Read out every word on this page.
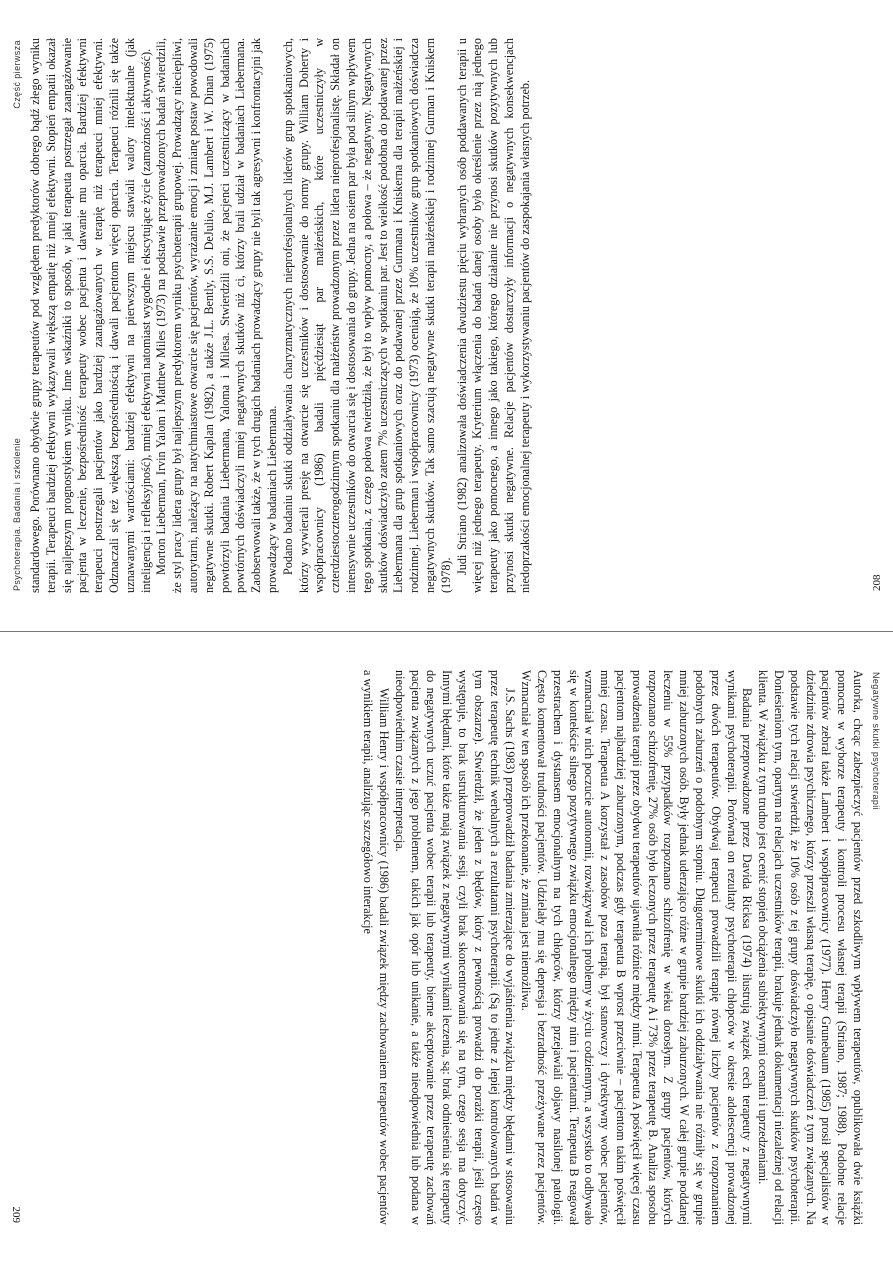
Psychoterapia. Badania i szkolenie
Część pierwsza standardowego. Porównano obydwie grupy terapeutów pod względem predyktorów dobrego bądź złego wyniku terapii. Terapeuci bardziej efektywni wykazywali większą empatię niż mniej efektywni. Stopień empatii okazał się najlepszym prognostykiem wyniku. Inne wskaźniki to sposób, w jaki terapeuta postrzegał zaangażowanie pacjenta w leczenie, bezpośredniość terapeuty wobec pacjenta i dawanie mu oparcia. Bardziej efektywni terapeuci postrzegali pacjentów jako bardziej zaangażowanych w terapię niż terapeuci mniej efektywni. Odznaczali się też większą bezpośredniością i dawali pacjentom więcej oparcia. Terapeuci różnili się także uznawanymi wartościami: bardziej efektywni na pierwszym miejscu stawiali walory intelektualne (jak inteligencja i refleksyjność), mniej efektywni natomiast wygodne i ekscytujące życie (zamożność i aktywność). Morton Lieberman, Irvin Yalom i Matthew Miles (1973) na podstawie przeprowadzonych badań stwierdzili, że styl pracy lidera grupy był najlepszym predyktorem wyniku psychoterapii grupowej. Prowadzący nieciepliwi, autorytarni, należący na natychmiastowe otwarcie się pacjentów, wyrażanie emocji i zmianę postaw powodowali negatywne skutki. Robert Kaplan (1982), a także J.L. Bently, S.S. DeJulio, M.J. Lambert i W. Dinan (1975) powtórzyli badania Liebermana, Yaloma i Milesa. Stwierdzili oni, że pacjenci uczestniczący w badaniach powtórnych doświadczyli mniej negatywnych skutków niż ci, którzy brali udział w badaniach Liebermana. Zaobserwowali także, że w tych drugich badaniach prowadzący grupy nie byli tak agresywni i konfrontacyjni jak prowadzący w badaniach Liebermana. Podano badaniu skutki oddziaływania charyzmatycznych nieprofesjonalnych liderów grup spotkaniowych, którzy wywierali presję na otwarcie się uczestników i dostosowanie do normy grupy. William Doherty i współpracownicy (1986) badali pięćdziesiąt par małżeńskich, które uczestniczyły w czterdziestoczterogodzinnym spotkaniu dla małżeństw prowadzonym przez lidera nieprofesjonalistę. Składał on intensywnie uczestników do otwarcia się i dostosowania do grupy. Jedna na osiem par była pod silnym wpływem tego spotkania, z czego połowa twierdziła, że był to wpływ pomocny, a połowa – że negatywny. Negatywnych skutków doświadczyło zatem 7% uczestniczących w spotkaniu par. Jest to wielkość podobna do podawanej przez Liebermana dla grup spotkaniowych oraz do podawanej przez Gurmana i Kniskerna dla terapii małżeńskiej i rodzinnej. Lieberman i współpracownicy (1973) oceniają, że 10% uczestników grup spotkaniowych doświadcza negatywnych skutków. Tak samo szacują negatywne skutki terapii małżeńskiej i rodzinnej Gurman i Kniskern (1978).

Judi Striano (1982) analizowała doświadczenia dwudziestu pięciu wybranych osób poddawanych terapii u więcej niż jednego terapeuty. Kryterium włączenia do badań danej osoby było określenie przez nią jednego terapeuty jako pomocnego, a innego jako takiego, którego działanie nie przynosi skutków pozytywnych lub przynosi skutki negatywne. Relacje pacjentów dostarczyły informacji o negatywnych konsekwencjach niedoprzakości emocjonalnej terapeuty i wykorzystywaniu pacjentów do zaspokajania własnych potrzeb.	208
Negatywne skutki psychoterapii

Autorka, chcąc zabezpieczyć pacjentów przed szkodliwym wpływem terapeutów, opublikowała dwie książki pomocne w wyborze terapeuty i kontroli procesu własnej terapii (Striano, 1987; 1988). Podobne relacje pacjentów zebrał także Lambert i współpracownicy (1977). Henry Grunebaum (1985) prosił specjalistów w dziedzinie zdrowia psychicznego, którzy przeszli własną terapię, o opisanie doświadczeń z tym związanych. Na podstawie tych relacji stwierdził, że 10% osób z tej grupy doświadczyło negatywnych skutków psychoterapii. Doniesieniom tym, opartym na relacjach uczestników terapii, brakuje jednak dokumentacji niezależnej od relacji klienta. W związku z tym trudno jest ocenić stopień obciążenia subiektywnymi ocenami i uprzedzeniami.

Badania przeprowadzone przez Davida Ricksa (1974) ilustrują związek cech terapeuty z negatywnymi wynikami psychoterapii. Porównał on rezultaty psychoterapii chłopców w okresie adolescencji prowadzonej przez dwóch terapeutów. Obydwaj terapeuci prowadzili terapię równej liczby pacjentów z rozpoznaniem podobnych zaburzeń o podobnym stopniu. Długoterminowe skutki ich oddziaływania nie różniły się w grupie mniej zaburzonych osób. Były jednak uderzająco różne w grupie bardziej zaburzonych. W całej grupie poddanej leczeniu w 55% przypadków rozpoznano schizofrenię w wieku dorosłym. Z grupy pacjentów, których rozpoznano schizofrenię, 27% osób było leczonych przez terapeutę A i 73% przez terapeutę B. Analiza sposobu prowadzenia terapii przez obydwu terapeutów ujawniła różnice między nimi. Terapeuta A poświęcił więcej czasu pacjentom najbardziej zaburzonym, podczas gdy terapeuta B wprost przeciwnie – pacjentom takim poświęcił mniej czasu. Terapeuta A korzystał z zasobów poza terapią, był stanowczy i dyrektywny wobec pacjentów, wzmacniał w nich poczucie autonomii, rozwiązywał ich problemy w życiu codziennym, a wszystko to odbywało się w kontekście silnego pozytywnego związku emocjonalnego między nim i pacjentami. Terapeuta B reagował przestrachem i dystansem emocjonalnym na tych chłopców, którzy przejawiali objawy nasilonej patologii. Często komentował trudności pacjentów. Udzielały mu się depresja i bezradność przeżywane przez pacjentów. Wzmacniał w ten sposób ich przekonanie, że zmiana jest niemożliwa.

J.S. Sachs (1983) przeprowadził badania zmierzające do wyjaśnienia związku między błędami w stosowaniu przez terapeutę technik werbalnych a rezultatami psychoterapii. (Są to jedne z lepiej kontrolowanych badań w tym obszarze). Stwierdził, że jeden z błędów, który z pewnością prowadzi do porażki terapii, jeśli często występuje, to brak ustrukturowania sesji, czyli brak skoncentrowania się na tym, czego sesja ma dotyczyć. Innymi błędami, które także mają związek z negatywnymi wynikami leczenia, są: brak odniesienia się terapeuty do negatywnych uczuć pacjenta wobec terapii lub terapeuty, bierne akceptowanie przez terapeutę zachowań pacjenta związanych z jego problemem, takich jak opór lub unikanie, a także nieodpowiednia lub podana w nieodpowiednim czasie interpretacja.

William Henry i współpracownicy (1986) badali związek między zachowaniem terapeutów wobec pacjentów a wynikiem terapii, analizując szczegółowo interakcje

209
